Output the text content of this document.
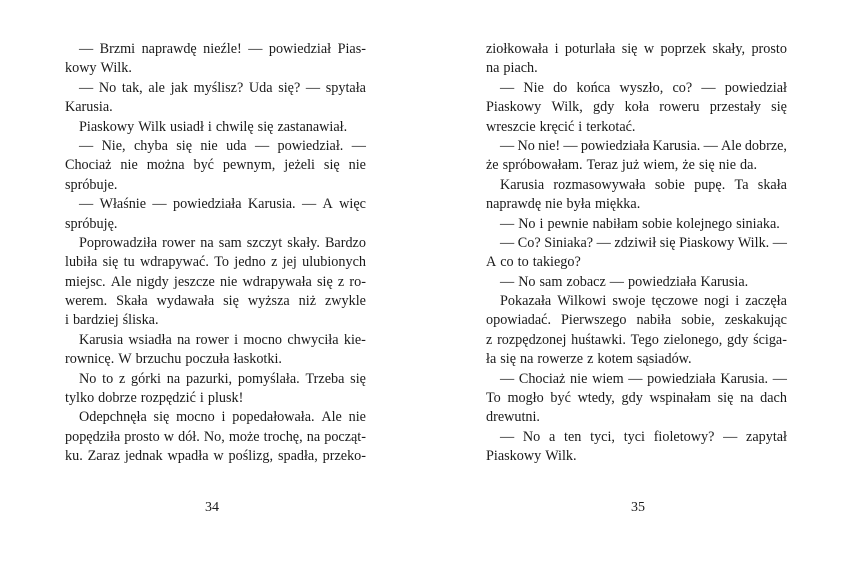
— Brzmi naprawdę nieźle! — powiedział Pias-
kowy Wilk.
— No tak, ale jak myślisz? Uda się? — spytała
Karusia.
Piaskowy Wilk usiadł i chwilę się zastanawiał.
— Nie, chyba się nie uda — powiedział. —
Chociaż nie można być pewnym, jeżeli się nie
spróbuje.
— Właśnie — powiedziała Karusia. — A więc
spróbuję.
Poprowadziła rower na sam szczyt skały. Bardzo
lubiła się tu wdrapywać. To jedno z jej ulubionych
miejsc. Ale nigdy jeszcze nie wdrapywała się z ro-
werem. Skała wydawała się wyższa niż zwykle
i bardziej śliska.
Karusia wsiadła na rower i mocno chwyciła kie-
rownicę. W brzuchu poczuła łaskotki.
No to z górki na pazurki, pomyślała. Trzeba się
tylko dobrze rozpędzić i plusk!
Odepchnęła się mocno i popedałowała. Ale nie
popędziła prosto w dół. No, może trochę, na począt-
ku. Zaraz jednak wpadła w poślizg, spadła, przeko-
ziołkowała i poturlała się w poprzek skały, prosto
na piach.
— Nie do końca wyszło, co? — powiedział
Piaskowy Wilk, gdy koła roweru przestały się
wreszcie kręcić i terkotać.
— No nie! — powiedziała Karusia. — Ale dobrze,
że spróbowałam. Teraz już wiem, że się nie da.
Karusia rozmasowywała sobie pupę. Ta skała
naprawdę nie była miękka.
— No i pewnie nabiłam sobie kolejnego siniaka.
— Co? Siniaka? — zdziwił się Piaskowy Wilk. —
A co to takiego?
— No sam zobacz — powiedziała Karusia.
Pokazała Wilkowi swoje tęczowe nogi i zaczęła
opowiadać. Pierwszego nabiła sobie, zeskakując
z rozpędzonej huśtawki. Tego zielonego, gdy ściga-
ła się na rowerze z kotem sąsiadów.
— Chociaż nie wiem — powiedziała Karusia. —
To mogło być wtedy, gdy wspinałam się na dach
drewutni.
— No a ten tyci, tyci fioletowy? — zapytał
Piaskowy Wilk.
34	35
